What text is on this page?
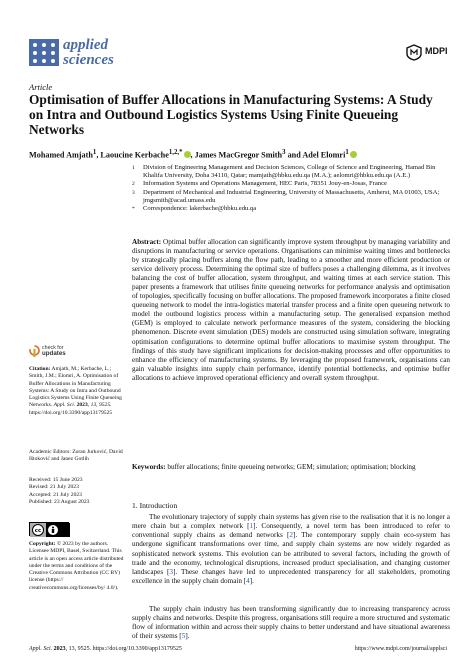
applied
sciences
MDPI
Article
Optimisation of Buffer Allocations in Manufacturing Systems: A Study on Intra and Outbound Logistics Systems Using Finite Queueing Networks
Mohamed Amjath$^1$, Laoucine Kerbache$^{1,2,*}$ , James MacGregor Smith$^3$ and Adel Elomri$^1$
1	Division of Engineering Management and Decision Sciences, College of Science and Engineering, Hamad Bin Khalifa University, Doha 34110, Qatar; mamjath@hbku.edu.qa (M.A.); aelomri@hbku.edu.qa (A.E.)
2	Information Systems and Operations Management, HEC Paris, 78351 Jouy-en-Josas, France
3	Department of Mechanical and Industrial Engineering, University of Massachusetts, Amherst, MA 01003, USA; jmgsmith@acad.umass.edu
*	Correspondence: lakerbache@hbku.edu.qa

Abstract: Optimal buffer allocation can significantly improve system throughput by managing variability and disruptions in manufacturing or service operations. Organisations can minimise waiting times and bottlenecks by strategically placing buffers along the flow path, leading to a smoother and more efficient production or service delivery process. Determining the optimal size of buffers poses a challenging dilemma, as it involves balancing the cost of buffer allocation, system throughput, and waiting times at each service station. This paper presents a framework that utilises finite queueing networks for performance analysis and optimisation of topologies, specifically focusing on buffer allocations. The proposed framework incorporates a finite closed queueing network to model the intra-logistics material transfer process and a finite open queueing network to model the outbound logistics process within a manufacturing setup. The generalised expansion method (GEM) is employed to calculate network performance measures of the system, considering the blocking phenomenon. Discrete event simulation (DES) models are constructed using simulation software, integrating optimisation configurations to determine optimal buffer allocations to maximise system throughput. The findings of this study have significant implications for decision-making processes and offer opportunities to enhance the efficiency of manufacturing systems. By leveraging the proposed framework, organisations can gain valuable insights into supply chain performance, identify potential bottlenecks, and optimise buffer allocations to achieve improved operational efficiency and overall system throughput.

Keywords: buffer allocations; finite queueing networks; GEM; simulation; optimisation; blocking

1. Introduction

The evolutionary trajectory of supply chain systems has given rise to the realisation that it is no longer a mere chain but a complex network [1]. Consequently, a novel term has been introduced to refer to conventional supply chains as demand networks [2]. The contemporary supply chain eco-system has undergone significant transformations over time, and supply chain systems are now widely regarded as sophisticated network systems. This evolution can be attributed to several factors, including the growth of trade and the economy, technological disruptions, increased product specialisation, and changing customer landscapes [3]. These changes have led to unprecedented transparency for all stakeholders, promoting excellence in the supply chain domain [4].

The supply chain industry has been transforming significantly due to increasing transparency across supply chains and networks. Despite this progress, organisations still require a more structured and systematic flow of information within and across their supply chains to better understand and have situational awareness of their systems [5].

check for
updates

Citation: Amjath, M.; Kerbache, L.; Smith, J.M.; Elomri, A. Optimisation of Buffer Allocations in Manufacturing Systems: A Study on Intra and Outbound Logistics Systems Using Finite Queueing Networks. Appl. Sci. 2023, 13, 9525. https://doi.org/10.3390/app13179525

Academic Editors: Zoran Jurković, David Ištoković and Janez Gotlih

Received: 15 June 2023
Revised: 21 July 2023
Accepted: 21 July 2023
Published: 23 August 2023
cc

Copyright: © 2023 by the authors. Licensee MDPI, Basel, Switzerland. This article is an open access article distributed under the terms and conditions of the Creative Commons Attribution (CC BY) license (https:// creativecommons.org/licenses/by/ 4.0/).

Appl. Sci. 2023, 13, 9525. https://doi.org/10.3390/app13179525	https://www.mdpi.com/journal/applsci
